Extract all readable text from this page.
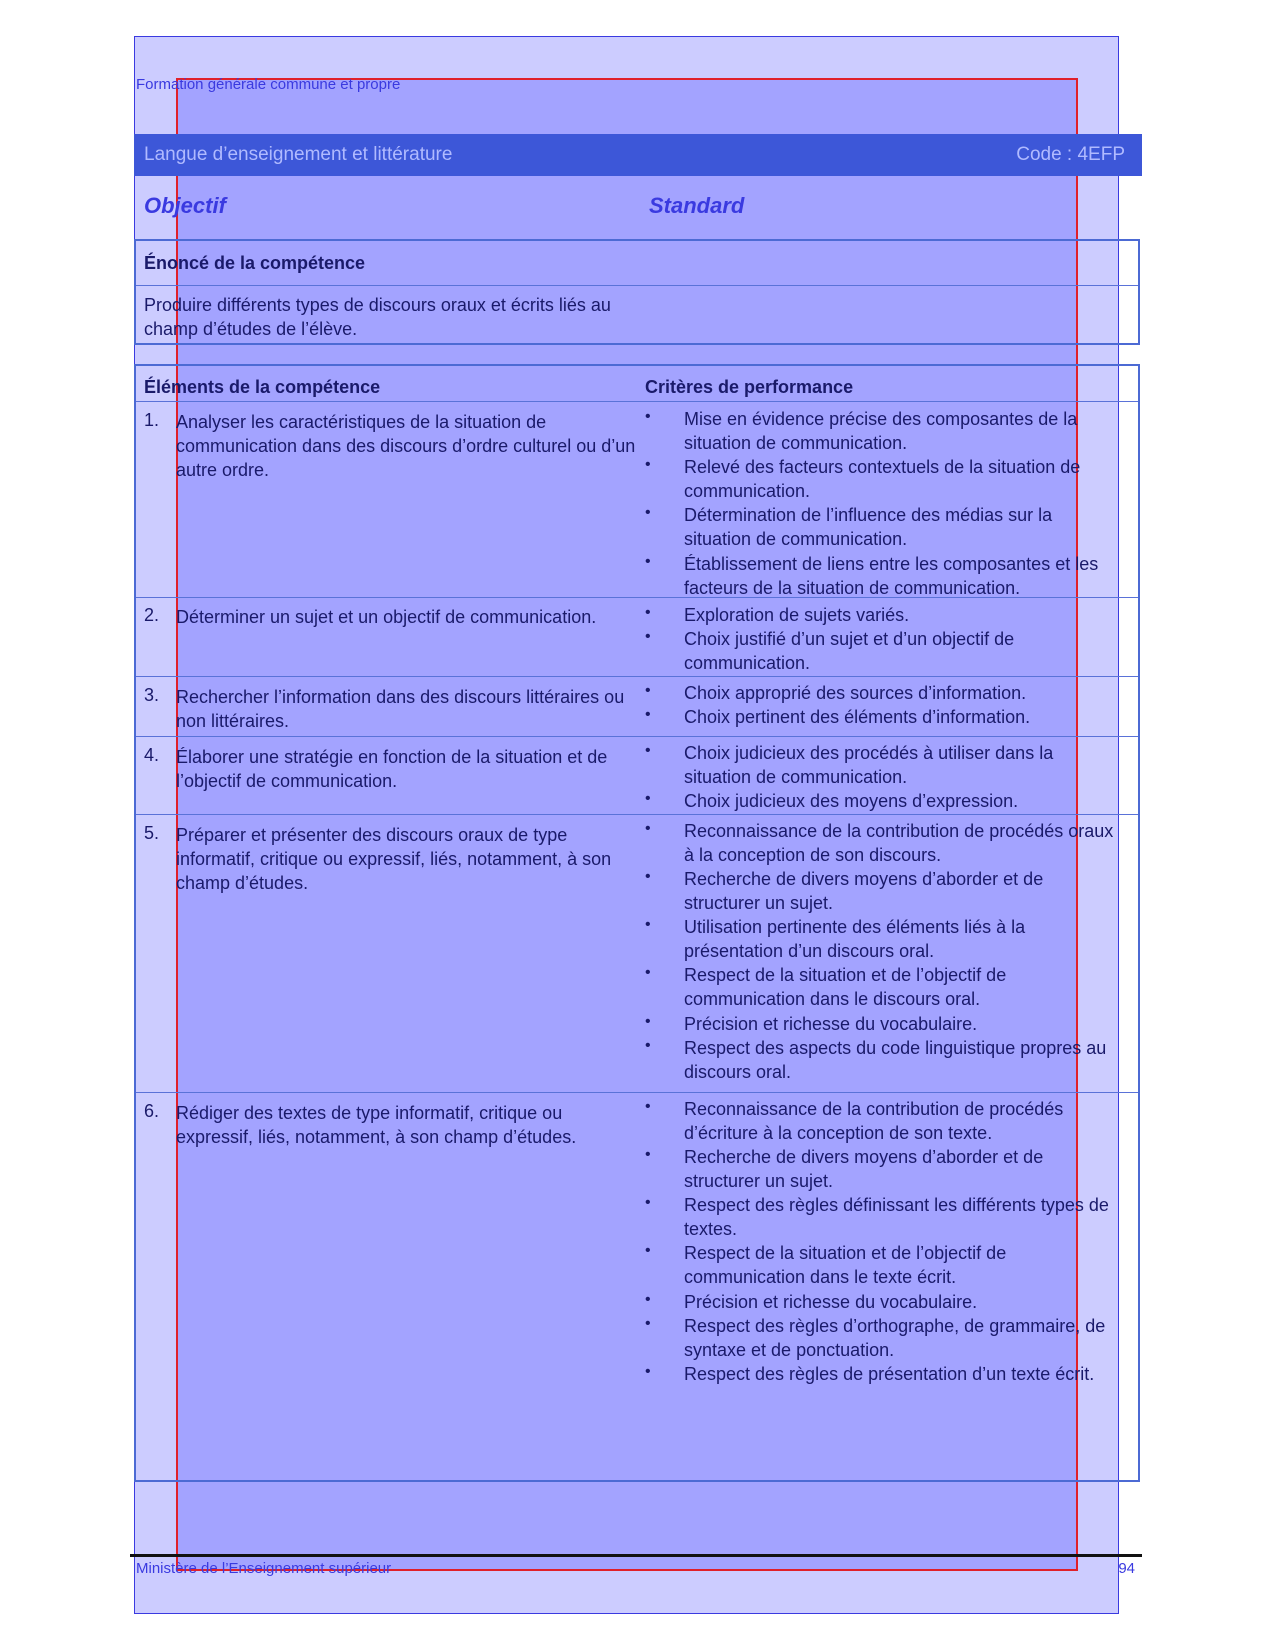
Formation générale commune et propre
Langue d’enseignement et littérature	Code : 4EFP
Objectif	Standard
Énoncé de la compétence
Produire différents types de discours oraux et écrits liés au champ d’études de l’élève.
Éléments de la compétence	Critères de performance
1. Analyser les caractéristiques de la situation de communication dans des discours d’ordre culturel ou d’un autre ordre.
• Mise en évidence précise des composantes de la situation de communication.
• Relevé des facteurs contextuels de la situation de communication.
• Détermination de l’influence des médias sur la situation de communication.
• Établissement de liens entre les composantes et les facteurs de la situation de communication.
2. Déterminer un sujet et un objectif de communication.	• Exploration de sujets variés.
• Choix justifié d’un sujet et d’un objectif de communication.
3. Rechercher l’information dans des discours littéraires ou non littéraires.
• Choix approprié des sources d’information.
• Choix pertinent des éléments d’information.
4. Élaborer une stratégie en fonction de la situation et de l’objectif de communication.
• Choix judicieux des procédés à utiliser dans la situation de communication.
• Choix judicieux des moyens d’expression.
5. Préparer et présenter des discours oraux de type informatif, critique ou expressif, liés, notamment, à son champ d’études.
• Reconnaissance de la contribution de procédés oraux à la conception de son discours.
• Recherche de divers moyens d’aborder et de structurer un sujet.
• Utilisation pertinente des éléments liés à la présentation d’un discours oral.
• Respect de la situation et de l’objectif de communication dans le discours oral.
• Précision et richesse du vocabulaire.
• Respect des aspects du code linguistique propres au discours oral.
6. Rédiger des textes de type informatif, critique ou expressif, liés, notamment, à son champ d’études.
• Reconnaissance de la contribution de procédés d’écriture à la conception de son texte.
• Recherche de divers moyens d’aborder et de structurer un sujet.
• Respect des règles définissant les différents types de textes.
• Respect de la situation et de l’objectif de communication dans le texte écrit.
• Précision et richesse du vocabulaire.
• Respect des règles d’orthographe, de grammaire, de syntaxe et de ponctuation.
• Respect des règles de présentation d’un texte écrit.
Ministère de l’Enseignement supérieur	94
